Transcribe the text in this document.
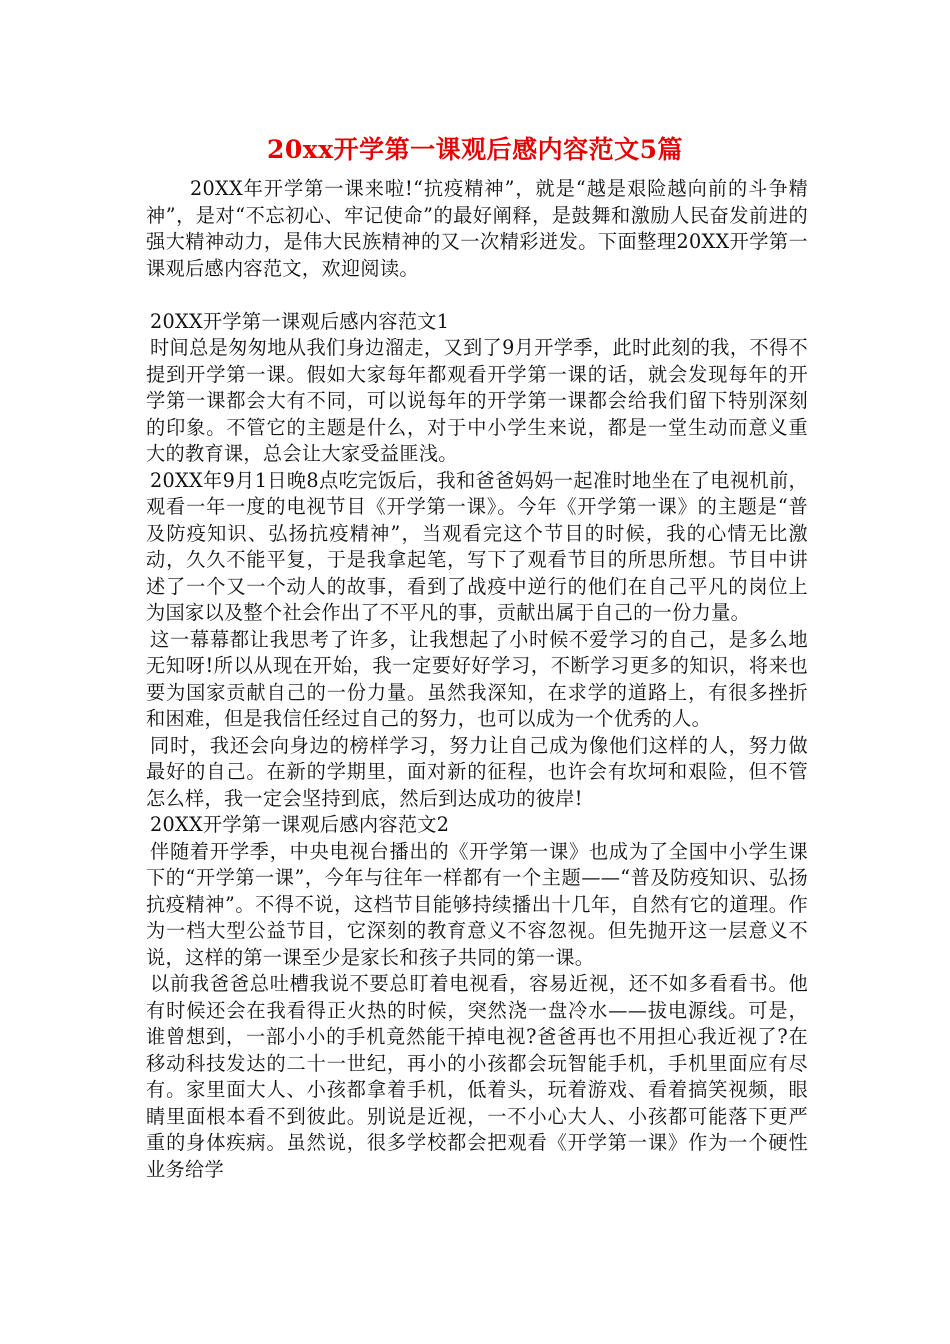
20xx开学第一课观后感内容范文5篇

20XX年开学第一课来啦!“抗疫精神”，就是“越是艰险越向前的斗争精神”，是对“不忘初心、牢记使命”的最好阐释，是鼓舞和激励人民奋发前进的强大精神动力，是伟大民族精神的又一次精彩迸发。下面整理20XX开学第一课观后感内容范文，欢迎阅读。

20XX开学第一课观后感内容范文1

时间总是匆匆地从我们身边溜走，又到了9月开学季，此时此刻的我，不得不提到开学第一课。假如大家每年都观看开学第一课的话，就会发现每年的开学第一课都会大有不同，可以说每年的开学第一课都会给我们留下特别深刻的印象。不管它的主题是什么，对于中小学生来说，都是一堂生动而意义重大的教育课，总会让大家受益匪浅。

20XX年9月1日晚8点吃完饭后，我和爸爸妈妈一起准时地坐在了电视机前，观看一年一度的电视节目《开学第一课》。今年《开学第一课》的主题是“普及防疫知识、弘扬抗疫精神”，当观看完这个节目的时候，我的心情无比激动，久久不能平复，于是我拿起笔，写下了观看节目的所思所想。节目中讲述了一个又一个动人的故事，看到了战疫中逆行的他们在自己平凡的岗位上为国家以及整个社会作出了不平凡的事，贡献出属于自己的一份力量。

这一幕幕都让我思考了许多，让我想起了小时候不爱学习的自己，是多么地无知呀!所以从现在开始，我一定要好好学习，不断学习更多的知识，将来也要为国家贡献自己的一份力量。虽然我深知，在求学的道路上，有很多挫折和困难，但是我信任经过自己的努力，也可以成为一个优秀的人。

同时，我还会向身边的榜样学习，努力让自己成为像他们这样的人，努力做最好的自己。在新的学期里，面对新的征程，也许会有坎坷和艰险，但不管怎么样，我一定会坚持到底，然后到达成功的彼岸!

20XX开学第一课观后感内容范文2

伴随着开学季，中央电视台播出的《开学第一课》也成为了全国中小学生课下的“开学第一课”，今年与往年一样都有一个主题——“普及防疫知识、弘扬抗疫精神”。不得不说，这档节目能够持续播出十几年，自然有它的道理。作为一档大型公益节目，它深刻的教育意义不容忽视。但先抛开这一层意义不说，这样的第一课至少是家长和孩子共同的第一课。

以前我爸爸总吐槽我说不要总盯着电视看，容易近视，还不如多看看书。他有时候还会在我看得正火热的时候，突然浇一盘冷水——拔电源线。可是，谁曾想到，一部小小的手机竟然能干掉电视?爸爸再也不用担心我近视了?在移动科技发达的二十一世纪，再小的小孩都会玩智能手机，手机里面应有尽有。家里面大人、小孩都拿着手机，低着头，玩着游戏、看着搞笑视频，眼睛里面根本看不到彼此。别说是近视，一不小心大人、小孩都可能落下更严重的身体疾病。虽然说，很多学校都会把观看《开学第一课》作为一个硬性业务给学
